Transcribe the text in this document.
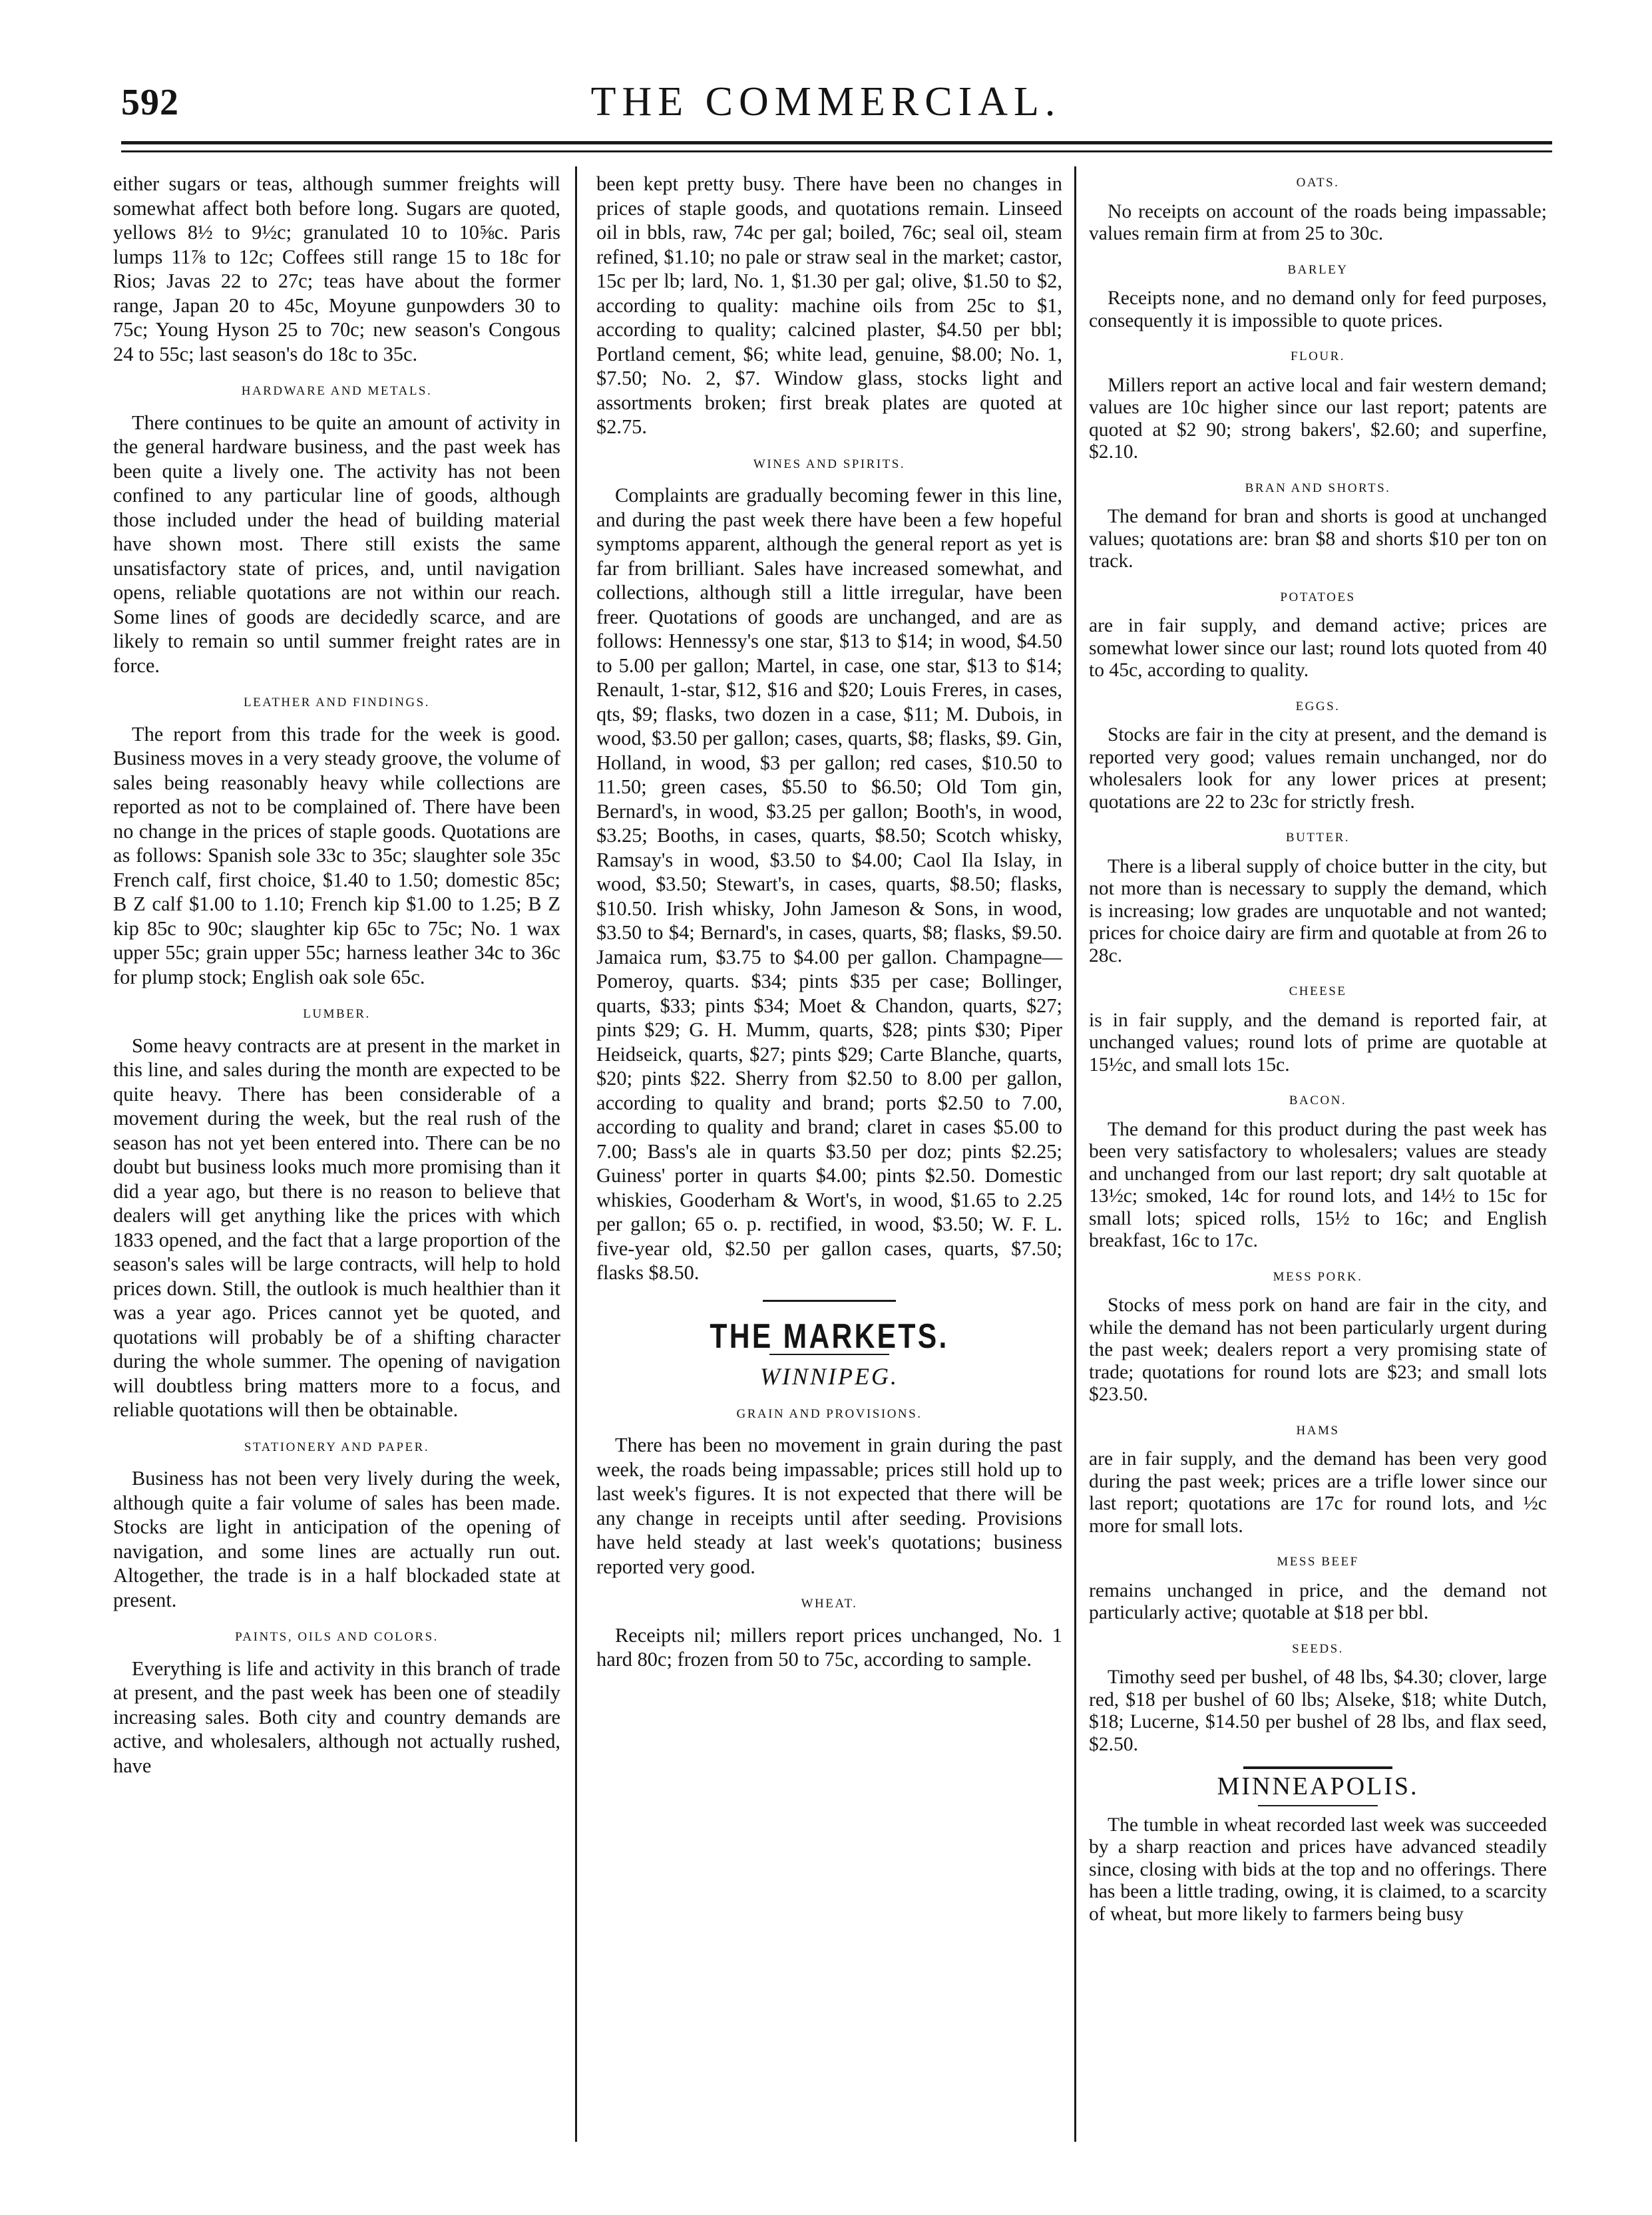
592	THE COMMERCIAL.

either sugars or teas, although summer freights will somewhat affect both before long. Sugars are quoted, yellows 8½ to 9½c; granulated 10 to 10⅝c. Paris lumps 11⅞ to 12c; Coffees still range 15 to 18c for Rios; Javas 22 to 27c; teas have about the former range, Japan 20 to 45c, Moyune gunpowders 30 to 75c; Young Hyson 25 to 70c; new season's Congous 24 to 55c; last season's do 18c to 35c.

HARDWARE AND METALS.

There continues to be quite an amount of activity in the general hardware business, and the past week has been quite a lively one. The activity has not been confined to any particular line of goods, although those included under the head of building material have shown most. There still exists the same unsatisfactory state of prices, and, until navigation opens, reliable quotations are not within our reach. Some lines of goods are decidedly scarce, and are likely to remain so until summer freight rates are in force.

LEATHER AND FINDINGS.

The report from this trade for the week is good. Business moves in a very steady groove, the volume of sales being reasonably heavy while collections are reported as not to be complained of. There have been no change in the prices of staple goods. Quotations are as follows: Spanish sole 33c to 35c; slaughter sole 35c French calf, first choice, $1.40 to 1.50; domestic 85c; B Z calf $1.00 to 1.10; French kip $1.00 to 1.25; B Z kip 85c to 90c; slaughter kip 65c to 75c; No. 1 wax upper 55c; grain upper 55c; harness leather 34c to 36c for plump stock; English oak sole 65c.

LUMBER.

Some heavy contracts are at present in the market in this line, and sales during the month are expected to be quite heavy. There has been considerable of a movement during the week, but the real rush of the season has not yet been entered into. There can be no doubt but business looks much more promising than it did a year ago, but there is no reason to believe that dealers will get anything like the prices with which 1833 opened, and the fact that a large proportion of the season's sales will be large contracts, will help to hold prices down. Still, the outlook is much healthier than it was a year ago. Prices cannot yet be quoted, and quotations will probably be of a shifting character during the whole summer. The opening of navigation will doubtless bring matters more to a focus, and reliable quotations will then be obtainable.

STATIONERY AND PAPER.

Business has not been very lively during the week, although quite a fair volume of sales has been made. Stocks are light in anticipation of the opening of navigation, and some lines are actually run out. Altogether, the trade is in a half blockaded state at present.

PAINTS, OILS AND COLORS.

Everything is life and activity in this branch of trade at present, and the past week has been one of steadily increasing sales. Both city and country demands are active, and wholesalers, although not actually rushed, have

been kept pretty busy. There have been no changes in prices of staple goods, and quotations remain. Linseed oil in bbls, raw, 74c per gal; boiled, 76c; seal oil, steam refined, $1.10; no pale or straw seal in the market; castor, 15c per lb; lard, No. 1, $1.30 per gal; olive, $1.50 to $2, according to quality: machine oils from 25c to $1, according to quality; calcined plaster, $4.50 per bbl; Portland cement, $6; white lead, genuine, $8.00; No. 1, $7.50; No. 2, $7. Window glass, stocks light and assortments broken; first break plates are quoted at $2.75.

WINES AND SPIRITS.

Complaints are gradually becoming fewer in this line, and during the past week there have been a few hopeful symptoms apparent, although the general report as yet is far from brilliant. Sales have increased somewhat, and collections, although still a little irregular, have been freer. Quotations of goods are unchanged, and are as follows: Hennessy's one star, $13 to $14; in wood, $4.50 to 5.00 per gallon; Martel, in case, one star, $13 to $14; Renault, 1-star, $12, $16 and $20; Louis Freres, in cases, qts, $9; flasks, two dozen in a case, $11; M. Dubois, in wood, $3.50 per gallon; cases, quarts, $8; flasks, $9. Gin, Holland, in wood, $3 per gallon; red cases, $10.50 to 11.50; green cases, $5.50 to $6.50; Old Tom gin, Bernard's, in wood, $3.25 per gallon; Booth's, in wood, $3.25; Booths, in cases, quarts, $8.50; Scotch whisky, Ramsay's in wood, $3.50 to $4.00; Caol Ila Islay, in wood, $3.50; Stewart's, in cases, quarts, $8.50; flasks, $10.50. Irish whisky, John Jameson & Sons, in wood, $3.50 to $4; Bernard's, in cases, quarts, $8; flasks, $9.50. Jamaica rum, $3.75 to $4.00 per gallon. Champagne—Pomeroy, quarts. $34; pints $35 per case; Bollinger, quarts, $33; pints $34; Moet & Chandon, quarts, $27; pints $29; G. H. Mumm, quarts, $28; pints $30; Piper Heidseick, quarts, $27; pints $29; Carte Blanche, quarts, $20; pints $22. Sherry from $2.50 to 8.00 per gallon, according to quality and brand; ports $2.50 to 7.00, according to quality and brand; claret in cases $5.00 to 7.00; Bass's ale in quarts $3.50 per doz; pints $2.25; Guiness' porter in quarts $4.00; pints $2.50. Domestic whiskies, Gooderham & Wort's, in wood, $1.65 to 2.25 per gallon; 65 o. p. rectified, in wood, $3.50; W. F. L. five-year old, $2.50 per gallon cases, quarts, $7.50; flasks $8.50.

THE MARKETS.
WINNIPEG.
GRAIN AND PROVISIONS.

There has been no movement in grain during the past week, the roads being impassable; prices still hold up to last week's figures. It is not expected that there will be any change in receipts until after seeding. Provisions have held steady at last week's quotations; business reported very good.

WHEAT.

Receipts nil; millers report prices unchanged, No. 1 hard 80c; frozen from 50 to 75c, according to sample.

OATS.

No receipts on account of the roads being impassable; values remain firm at from 25 to 30c.

BARLEY

Receipts none, and no demand only for feed purposes, consequently it is impossible to quote prices.

FLOUR.

Millers report an active local and fair western demand; values are 10c higher since our last report; patents are quoted at $2 90; strong bakers', $2.60; and superfine, $2.10.

BRAN AND SHORTS.

The demand for bran and shorts is good at unchanged values; quotations are: bran $8 and shorts $10 per ton on track.

POTATOES

are in fair supply, and demand active; prices are somewhat lower since our last; round lots quoted from 40 to 45c, according to quality.

EGGS.

Stocks are fair in the city at present, and the demand is reported very good; values remain unchanged, nor do wholesalers look for any lower prices at present; quotations are 22 to 23c for strictly fresh.

BUTTER.

There is a liberal supply of choice butter in the city, but not more than is necessary to supply the demand, which is increasing; low grades are unquotable and not wanted; prices for choice dairy are firm and quotable at from 26 to 28c.

CHEESE

is in fair supply, and the demand is reported fair, at unchanged values; round lots of prime are quotable at 15½c, and small lots 15c.

BACON.

The demand for this product during the past week has been very satisfactory to wholesalers; values are steady and unchanged from our last report; dry salt quotable at 13½c; smoked, 14c for round lots, and 14½ to 15c for small lots; spiced rolls, 15½ to 16c; and English breakfast, 16c to 17c.

MESS PORK.

Stocks of mess pork on hand are fair in the city, and while the demand has not been particularly urgent during the past week; dealers report a very promising state of trade; quotations for round lots are $23; and small lots $23.50.

HAMS

are in fair supply, and the demand has been very good during the past week; prices are a trifle lower since our last report; quotations are 17c for round lots, and ½c more for small lots.

MESS BEEF

remains unchanged in price, and the demand not particularly active; quotable at $18 per bbl.

SEEDS.

Timothy seed per bushel, of 48 lbs, $4.30; clover, large red, $18 per bushel of 60 lbs; Alseke, $18; white Dutch, $18; Lucerne, $14.50 per bushel of 28 lbs, and flax seed, $2.50.

MINNEAPOLIS.

The tumble in wheat recorded last week was succeeded by a sharp reaction and prices have advanced steadily since, closing with bids at the top and no offerings. There has been a little trading, owing, it is claimed, to a scarcity of wheat, but more likely to farmers being busy
